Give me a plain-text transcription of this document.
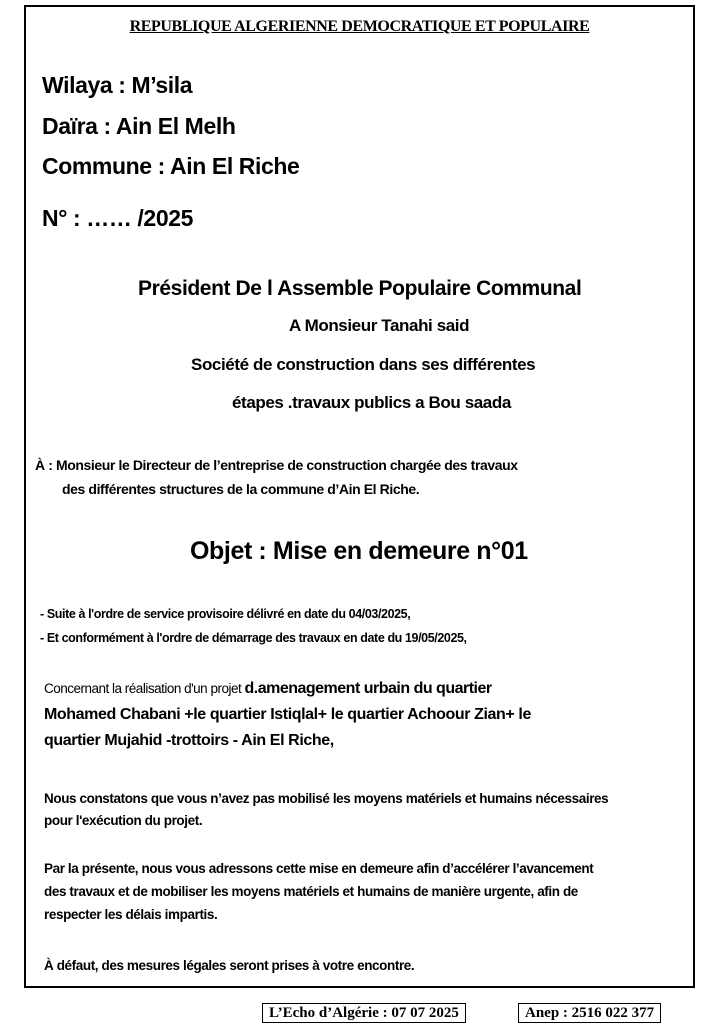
REPUBLIQUE ALGERIENNE DEMOCRATIQUE ET POPULAIRE
Wilaya : M’sila
Daïra : Ain El Melh
Commune : Ain El Riche
N° : …… /2025
Président De l Assemble Populaire Communal
A Monsieur Tanahi said
Société de construction dans ses différentes
étapes .travaux publics a Bou saada
À : Monsieur le Directeur de l’entreprise de construction chargée des travaux
des différentes structures de la commune d’Ain El Riche.
Objet : Mise en demeure n°01
- Suite à l'ordre de service provisoire délivré en date du 04/03/2025,
- Et conformément à l'ordre de démarrage des travaux en date du 19/05/2025,
Concernant la réalisation d'un projet d.amenagement urbain du quartier
Mohamed Chabani +le quartier Istiqlal+ le quartier Achoour Zian+ le
quartier Mujahid -trottoirs - Ain El Riche,
Nous constatons que vous n’avez pas mobilisé les moyens matériels et humains nécessaires
pour l'exécution du projet.
Par la présente, nous vous adressons cette mise en demeure afin d’accélérer l’avancement
des travaux et de mobiliser les moyens matériels et humains de manière urgente, afin de
respecter les délais impartis.
À défaut, des mesures légales seront prises à votre encontre.
L’Echo d’Algérie : 07 07 2025	Anep : 2516 022 377
